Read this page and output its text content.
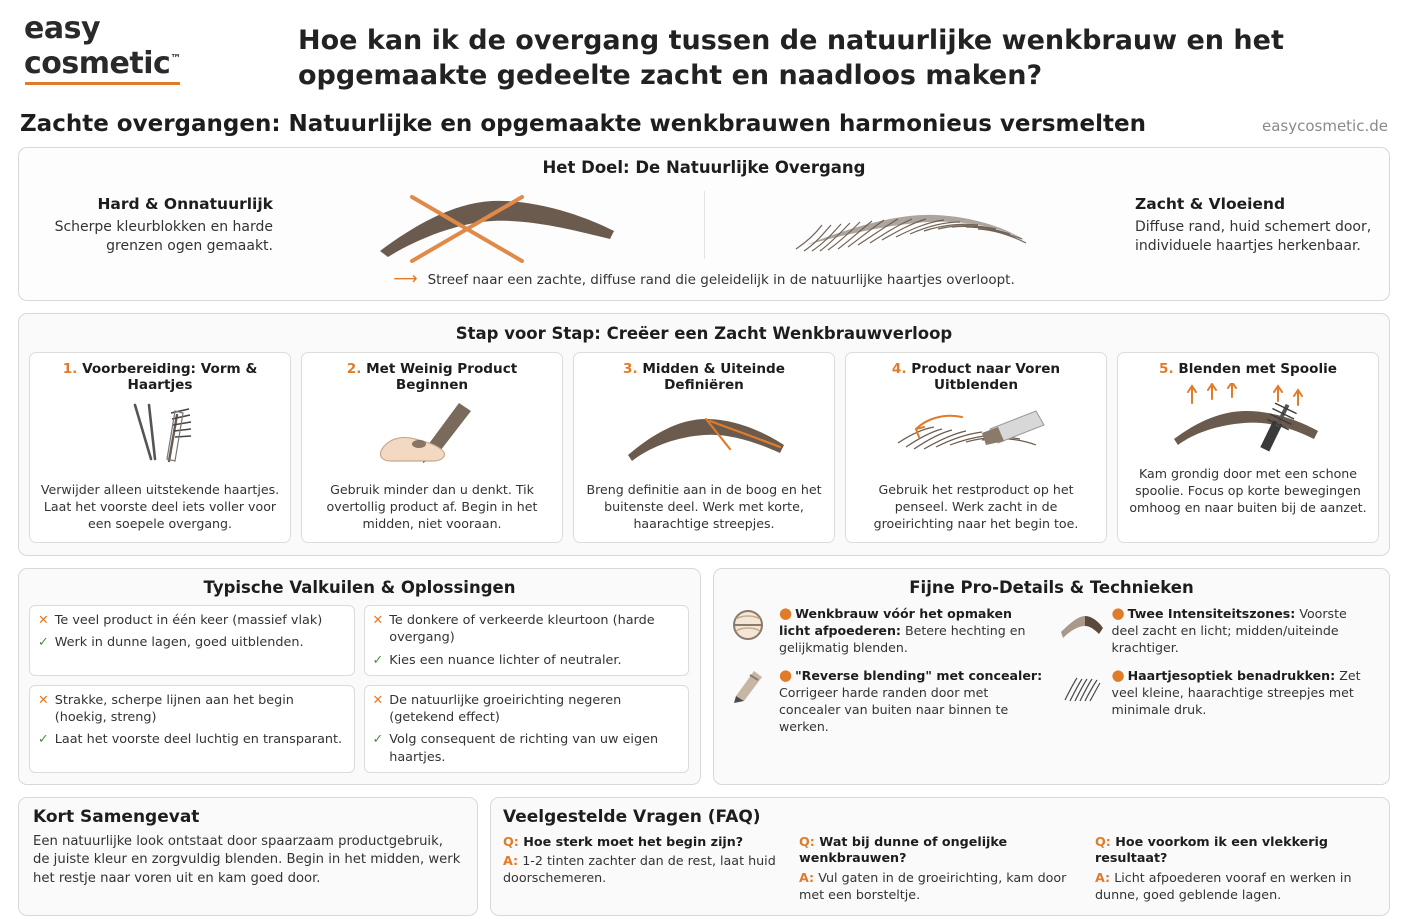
easy
cosmetic™
Hoe kan ik de overgang tussen de natuurlijke wenkbrauw en het opgemaakte gedeelte zacht en naadloos maken?
Zachte overgangen: Natuurlijke en opgemaakte wenkbrauwen harmonieus versmelten	easycosmetic.de
Het Doel: De Natuurlijke Overgang
Hard & Onnatuurlijk
Scherpe kleurblokken en harde grenzen ogen gemaakt.
Zacht & Vloeiend
Diffuse rand, huid schemert door, individuele haartjes herkenbaar.
⟶ Streef naar een zachte, diffuse rand die geleidelijk in de natuurlijke haartjes overloopt.
Stap voor Stap: Creëer een Zacht Wenkbrauwverloop
1. Voorbereiding: Vorm & Haartjes
Verwijder alleen uitstekende haartjes. Laat het voorste deel iets voller voor een soepele overgang.
2. Met Weinig Product Beginnen
Gebruik minder dan u denkt. Tik overtollig product af. Begin in het midden, niet vooraan.
3. Midden & Uiteinde Definiëren
Breng definitie aan in de boog en het buitenste deel. Werk met korte, haarachtige streepjes.
4. Product naar Voren Uitblenden
Gebruik het restproduct op het penseel. Werk zacht in de groeirichting naar het begin toe.
5. Blenden met Spoolie
Kam grondig door met een schone spoolie. Focus op korte bewegingen omhoog en naar buiten bij de aanzet.
Typische Valkuilen & Oplossingen
✕ Te veel product in één keer (massief vlak)
✓ Werk in dunne lagen, goed uitblenden.
✕ Te donkere of verkeerde kleurtoon (harde overgang)
✓ Kies een nuance lichter of neutraler.
✕ Strakke, scherpe lijnen aan het begin (hoekig, streng)
✓ Laat het voorste deel luchtig en transparant.
✕ De natuurlijke groeirichting negeren (getekend effect)
✓ Volg consequent de richting van uw eigen haartjes.
Fijne Pro-Details & Technieken
● Wenkbrauw vóór het opmaken licht afpoederen: Betere hechting en gelijkmatig blenden.
● "Reverse blending" met concealer: Corrigeer harde randen door met concealer van buiten naar binnen te werken.
● Twee Intensiteitszones: Voorste deel zacht en licht; midden/uiteinde krachtiger.
● Haartjesoptiek benadrukken: Zet veel kleine, haarachtige streepjes met minimale druk.
Kort Samengevat

Een natuurlijke look ontstaat door spaarzaam productgebruik, de juiste kleur en zorgvuldig blenden. Begin in het midden, werk het restje naar voren uit en kam goed door.

Veelgestelde Vragen (FAQ)
Q: Hoe sterk moet het begin zijn?
A: 1-2 tinten zachter dan de rest, laat huid doorschemeren.
Q: Wat bij dunne of ongelijke wenkbrauwen?
A: Vul gaten in de groeirichting, kam door met een borsteltje.
Q: Hoe voorkom ik een vlekkerig resultaat?
A: Licht afpoederen vooraf en werken in dunne, goed geblende lagen.
